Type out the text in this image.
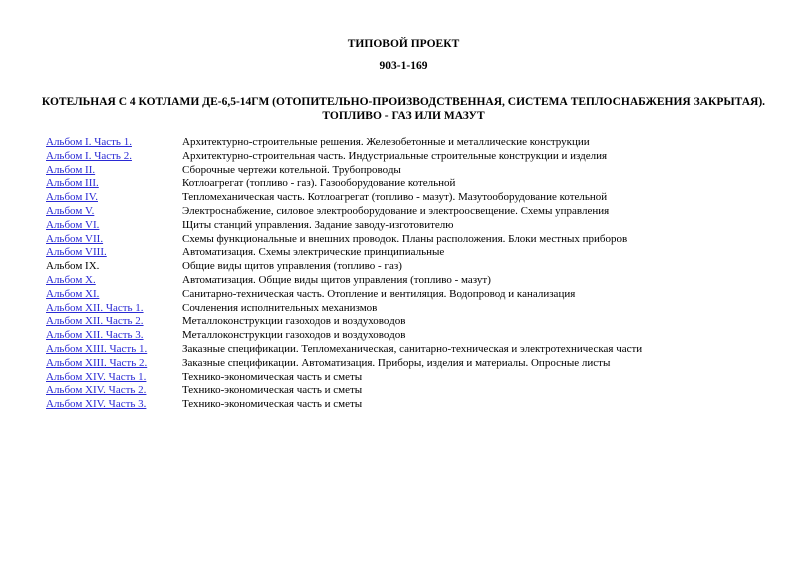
ТИПОВОЙ ПРОЕКТ
903-1-169
КОТЕЛЬНАЯ С 4 КОТЛАМИ ДЕ-6,5-14ГМ (ОТОПИТЕЛЬНО-ПРОИЗВОДСТВЕННАЯ, СИСТЕМА ТЕПЛОСНАБЖЕНИЯ ЗАКРЫТАЯ).
ТОПЛИВО - ГАЗ ИЛИ МАЗУТ
Альбом I. Часть 1.	Архитектурно-строительные решения. Железобетонные и металлические конструкции
Альбом I. Часть 2.	Архитектурно-строительная часть. Индустриальные строительные конструкции и изделия
Альбом II.	Сборочные чертежи котельной. Трубопроводы
Альбом III.	Котлоагрегат (топливо - газ). Газооборудование котельной
Альбом IV.	Тепломеханическая часть. Котлоагрегат (топливо - мазут). Мазутооборудование котельной
Альбом V.	Электроснабжение, силовое электрооборудование и электроосвещение. Схемы управления
Альбом VI.	Щиты станций управления. Задание заводу-изготовителю
Альбом VII.	Схемы функциональные и внешних проводок. Планы расположения. Блоки местных приборов
Альбом VIII.	Автоматизация. Схемы электрические принципиальные
Альбом IX.	Общие виды щитов управления (топливо - газ)
Альбом X.	Автоматизация. Общие виды щитов управления (топливо - мазут)
Альбом XI.	Санитарно-техническая часть. Отопление и вентиляция. Водопровод и канализация
Альбом XII. Часть 1.	Сочленения исполнительных механизмов
Альбом XII. Часть 2.	Металлоконструкции газоходов и воздуховодов
Альбом XII. Часть 3.	Металлоконструкции газоходов и воздуховодов
Альбом XIII. Часть 1.	Заказные спецификации. Тепломеханическая, санитарно-техническая и электротехническая части
Альбом XIII. Часть 2.	Заказные спецификации. Автоматизация. Приборы, изделия и материалы. Опросные листы
Альбом XIV. Часть 1.	Технико-экономическая часть и сметы
Альбом XIV. Часть 2.	Технико-экономическая часть и сметы
Альбом XIV. Часть 3.	Технико-экономическая часть и сметы
